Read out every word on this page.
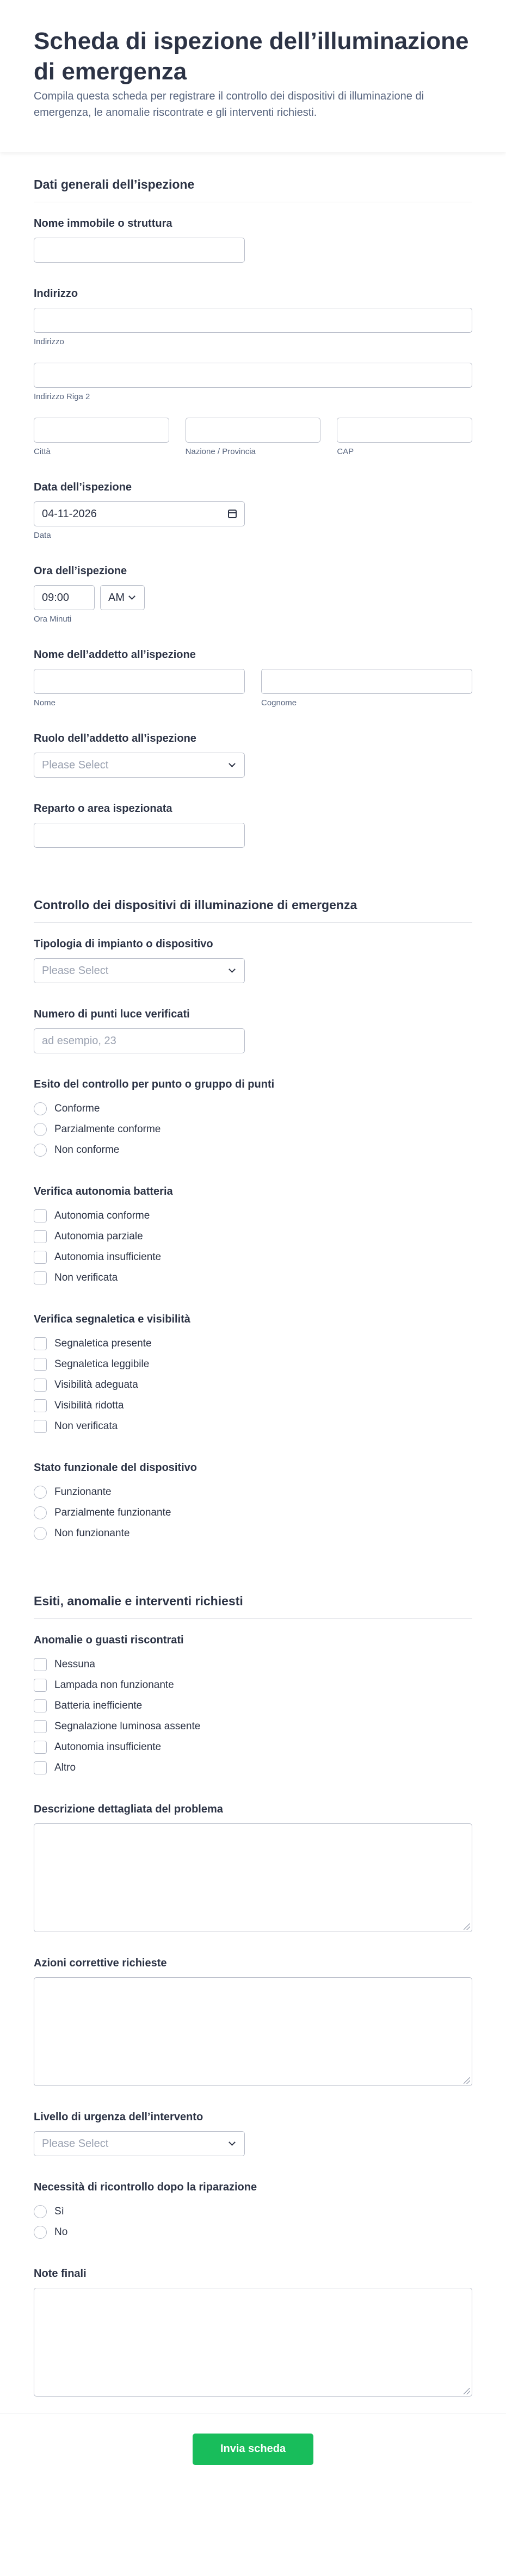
Scheda di ispezione dell’illuminazione di emergenza

Compila questa scheda per registrare il controllo dei dispositivi di illuminazione di emergenza, le anomalie riscontrate e gli interventi richiesti.

Dati generali dell’ispezione
Nome immobile o struttura
Indirizzo
Indirizzo
Indirizzo Riga 2
Città	Nazione / Provincia	CAP
Data dell’ispezione
04-11-2026
Data
Ora dell’ispezione
09:00	AM
Ora Minuti
Nome dell’addetto all’ispezione
Nome	Cognome
Ruolo dell’addetto all’ispezione
Please Select
Reparto o area ispezionata
Controllo dei dispositivi di illuminazione di emergenza
Tipologia di impianto o dispositivo
Please Select
Numero di punti luce verificati
ad esempio, 23
Esito del controllo per punto o gruppo di punti
Conforme
Parzialmente conforme
Non conforme
Verifica autonomia batteria
Autonomia conforme
Autonomia parziale
Autonomia insufficiente
Non verificata
Verifica segnaletica e visibilità
Segnaletica presente
Segnaletica leggibile
Visibilità adeguata
Visibilità ridotta
Non verificata
Stato funzionale del dispositivo
Funzionante
Parzialmente funzionante
Non funzionante
Esiti, anomalie e interventi richiesti
Anomalie o guasti riscontrati
Nessuna
Lampada non funzionante
Batteria inefficiente
Segnalazione luminosa assente
Autonomia insufficiente
Altro
Descrizione dettagliata del problema
Azioni correttive richieste
Livello di urgenza dell’intervento
Please Select
Necessità di ricontrollo dopo la riparazione
Sì
No
Note finali
Invia scheda
